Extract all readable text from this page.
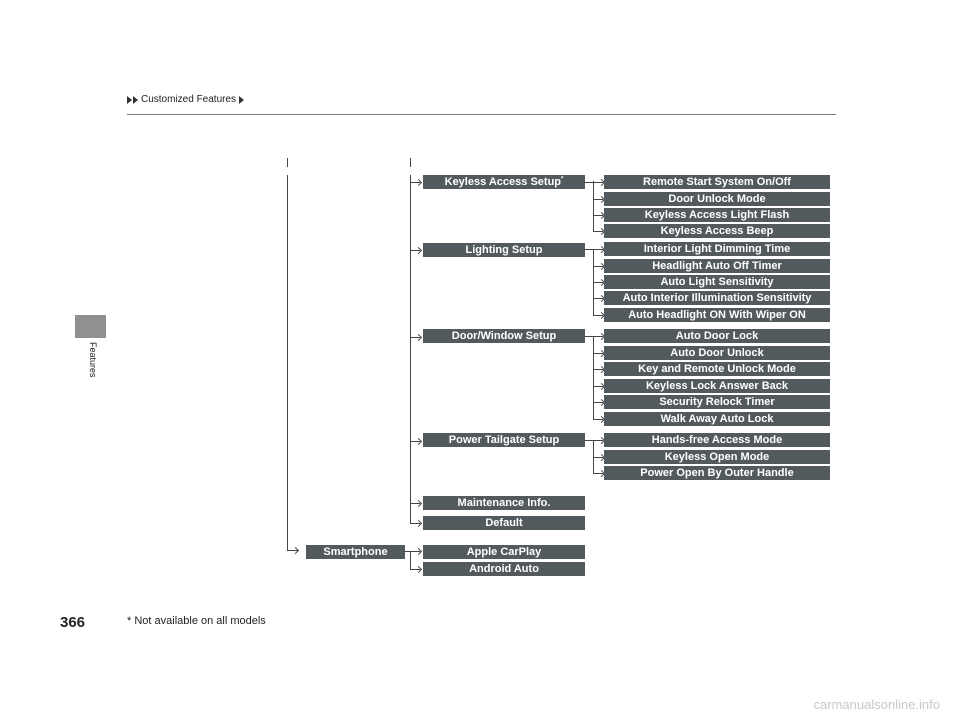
Customized Features
Features
Keyless Access Setup*
Lighting Setup
Door/Window Setup
Power Tailgate Setup
Maintenance Info.
Default
Smartphone	Apple CarPlay
Android Auto
Remote Start System On/Off
Door Unlock Mode
Keyless Access Light Flash
Keyless Access Beep
Interior Light Dimming Time
Headlight Auto Off Timer
Auto Light Sensitivity
Auto Interior Illumination Sensitivity
Auto Headlight ON With Wiper ON
Auto Door Lock
Auto Door Unlock
Key and Remote Unlock Mode
Keyless Lock Answer Back
Security Relock Timer
Walk Away Auto Lock
Hands-free Access Mode
Keyless Open Mode
Power Open By Outer Handle
366	* Not available on all models
carmanualsonline.info
